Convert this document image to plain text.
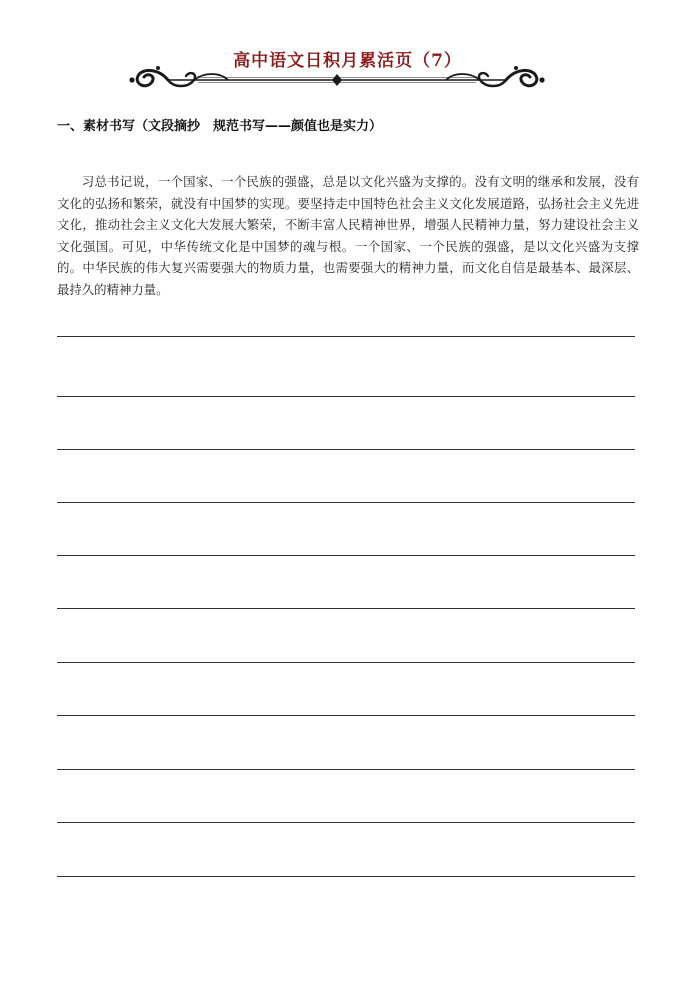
高中语文日积月累活页（7）
一、素材书写（文段摘抄　规范书写——颜值也是实力）
习总书记说，一个国家、一个民族的强盛，总是以文化兴盛为支撑的。没有文明的继承和发展，没有文化的弘扬和繁荣，就没有中国梦的实现。要坚持走中国特色社会主义文化发展道路，弘扬社会主义先进文化，推动社会主义文化大发展大繁荣，不断丰富人民精神世界，增强人民精神力量，努力建设社会主义文化强国。可见，中华传统文化是中国梦的魂与根。一个国家、一个民族的强盛，是以文化兴盛为支撑的。中华民族的伟大复兴需要强大的物质力量，也需要强大的精神力量，而文化自信是最基本、最深层、最持久的精神力量。
